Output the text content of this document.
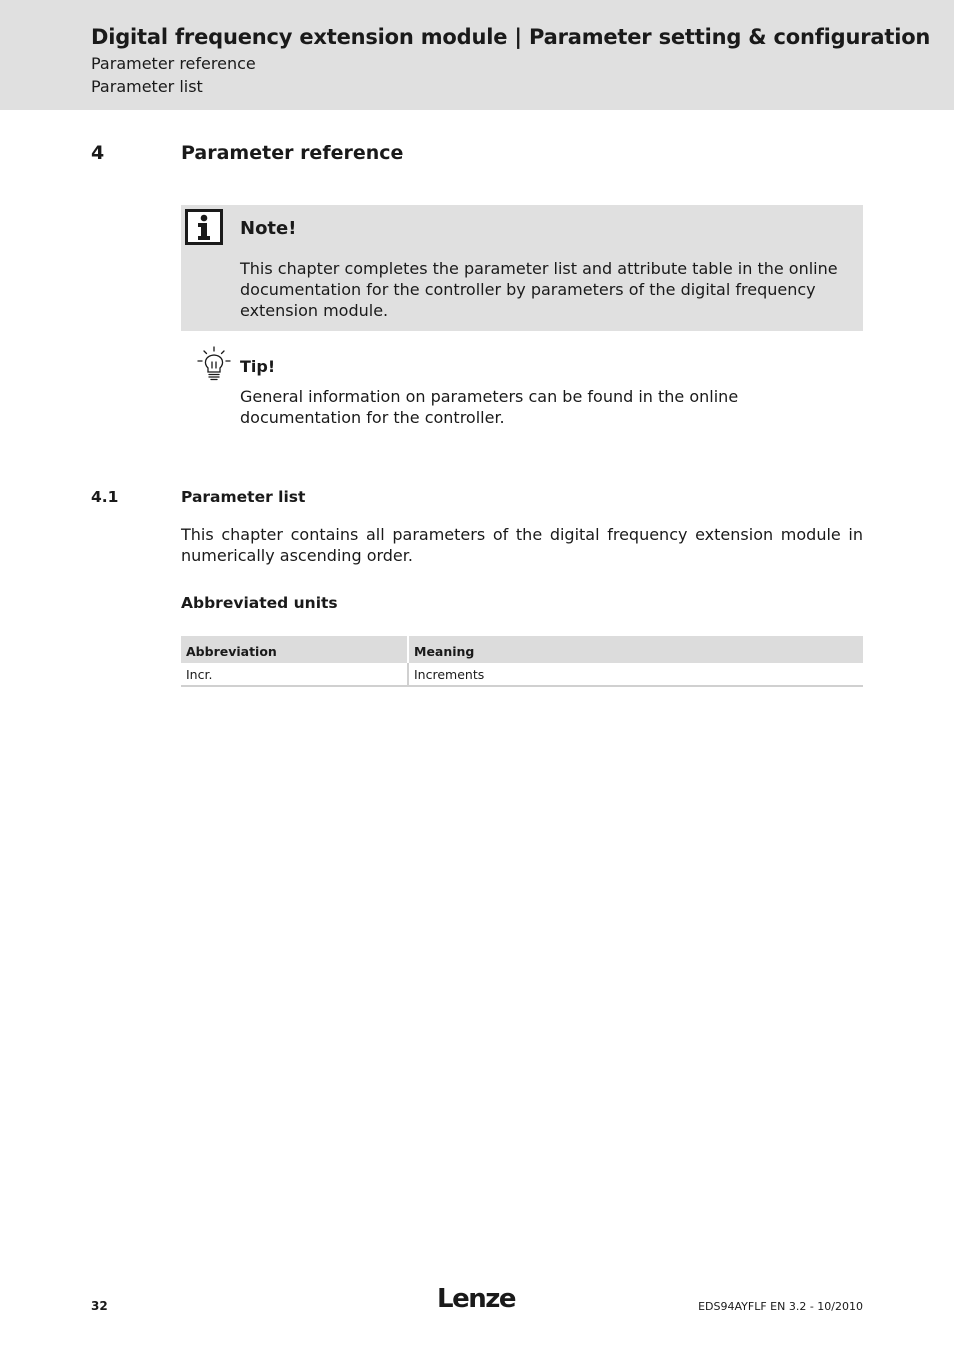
Digital frequency extension module | Parameter setting & configuration
Parameter reference
Parameter list
4	Parameter reference
Note!
This chapter completes the parameter list and attribute table in the online documentation for the controller by parameters of the digital frequency extension module.
Tip!
General information on parameters can be found in the online documentation for the controller.
4.1	Parameter list
This chapter contains all parameters of the digital frequency extension module in numerically ascending order.
Abbreviated units
Abbreviation	Meaning
Incr.	Increments
32	Lenze	EDS94AYFLF EN 3.2 - 10/2010
